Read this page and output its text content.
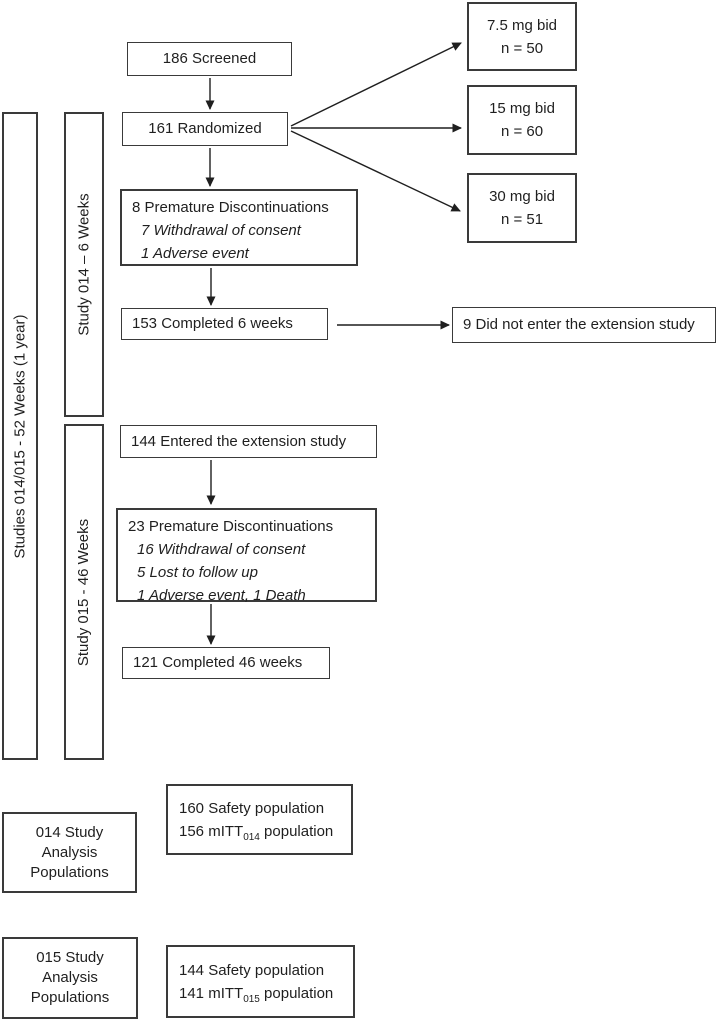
Studies 014/015 - 52 Weeks (1 year)
Study 014 – 6 Weeks
Study 015 - 46 Weeks
186 Screened
161 Randomized
7.5 mg bid
n = 50
15 mg bid
n = 60
30 mg bid
n = 51
8 Premature Discontinuations
7 Withdrawal of consent
1 Adverse event
153 Completed 6 weeks	9 Did not enter the extension study
144 Entered the extension study
23 Premature Discontinuations
16 Withdrawal of consent
5 Lost to follow up
1 Adverse event, 1 Death
121 Completed 46 weeks
014 Study
Analysis
Populations
160 Safety population
156 mITT$_{014}$ population
015 Study
Analysis
Populations
144 Safety population
141 mITT$_{015}$ population
